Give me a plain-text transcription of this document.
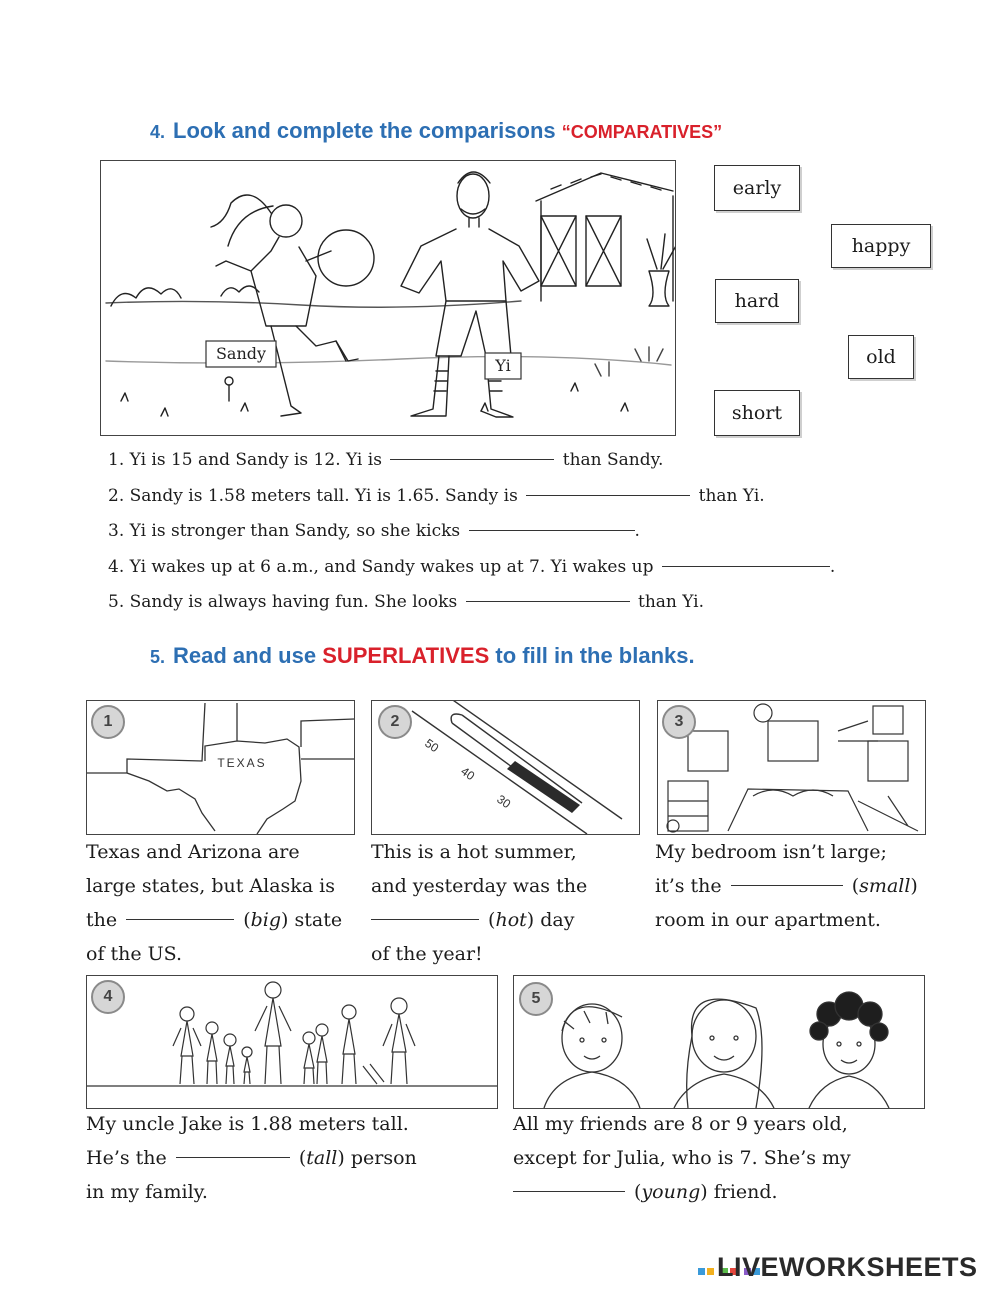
4. Look and complete the comparisons “COMPARATIVES”
Sandy
Yi
early
happy
hard
old
short
1. Yi is 15 and Sandy is 12. Yi is	than Sandy.
2. Sandy is 1.58 meters tall. Yi is 1.65. Sandy is	than Yi.
3. Yi is stronger than Sandy, so she kicks	.
4. Yi wakes up at 6 a.m., and Sandy wakes up at 7. Yi wakes up	.
5. Sandy is always having fun. She looks	than Yi.
5. Read and use SUPERLATIVES to fill in the blanks.
TEXAS
1
50
40
30
2	3
Texas and Arizona are
large states, but Alaska is
the	(big) state
of the US.
This is a hot summer,
and yesterday was the
(hot) day
of the year!
My bedroom isn’t large;
it’s the	(small)
room in our apartment.
4	5
My uncle Jake is 1.88 meters tall.
He’s the	(tall) person
in my family.
All my friends are 8 or 9 years old,
except for Julia, who is 7. She’s my
(young) friend.
LIVEWORKSHEETS
